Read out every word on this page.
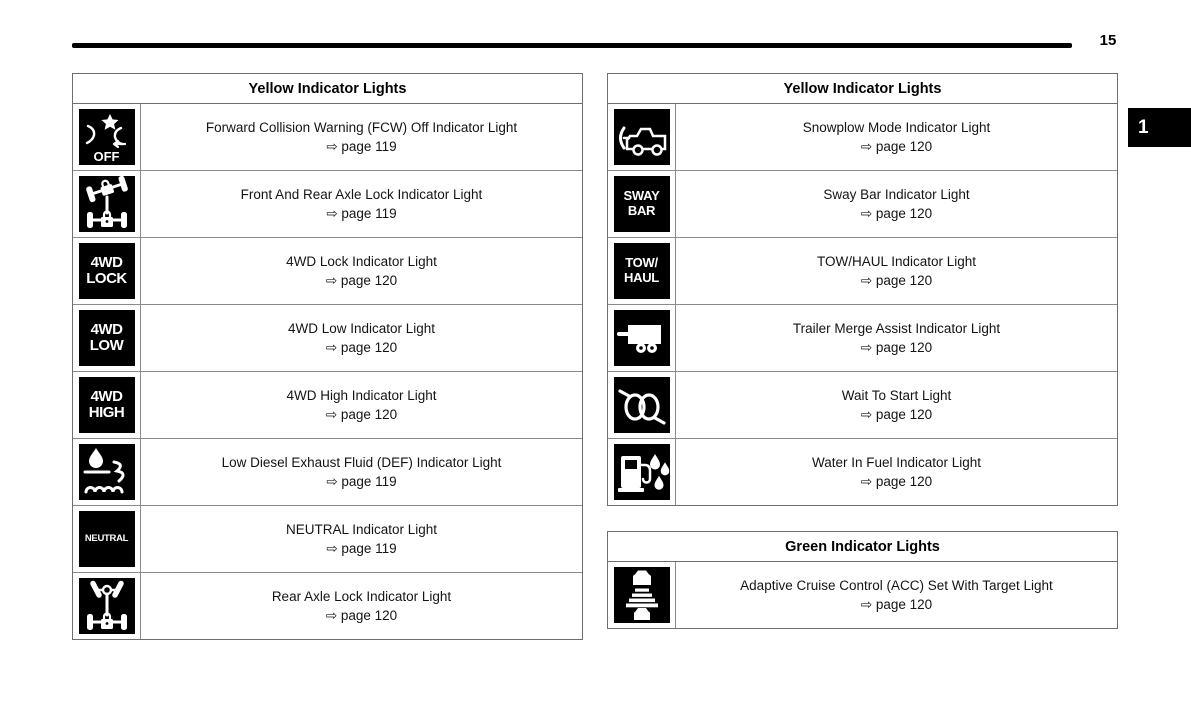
15
1
Yellow Indicator Lights
OFF
Forward Collision Warning (FCW) Off Indicator Light
⇨ page 119
Front And Rear Axle Lock Indicator Light
⇨ page 119
4WD
LOCK
4WD Lock Indicator Light
⇨ page 120
4WD
LOW
4WD Low Indicator Light
⇨ page 120
4WD
HIGH
4WD High Indicator Light
⇨ page 120
Low Diesel Exhaust Fluid (DEF) Indicator Light
⇨ page 119
NEUTRAL
NEUTRAL Indicator Light
⇨ page 119
Rear Axle Lock Indicator Light
⇨ page 120
Yellow Indicator Lights
Snowplow Mode Indicator Light
⇨ page 120
SWAY
BAR
Sway Bar Indicator Light
⇨ page 120
TOW/
HAUL
TOW/HAUL Indicator Light
⇨ page 120
Trailer Merge Assist Indicator Light
⇨ page 120
Wait To Start Light
⇨ page 120
Water In Fuel Indicator Light
⇨ page 120
Green Indicator Lights
Adaptive Cruise Control (ACC) Set With Target Light
⇨ page 120
